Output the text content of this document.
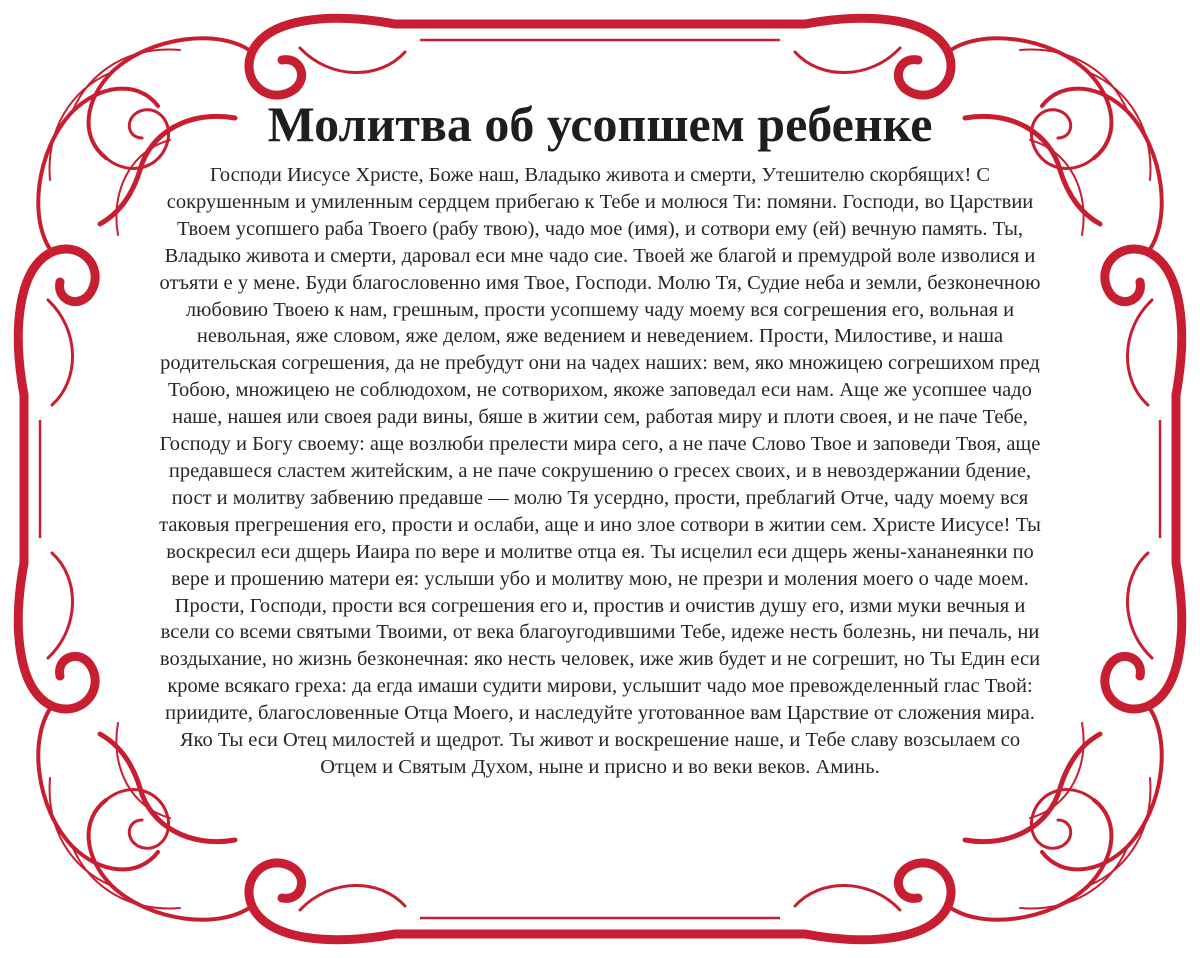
Молитва об усопшем ребенке

Господи Иисусе Христе, Боже наш, Владыко живота и смерти, Утешителю скорбящих! С сокрушенным и умиленным сердцем прибегаю к Тебе и молюся Ти: помяни. Господи, во Царствии Твоем усопшего раба Твоего (рабу твою), чадо мое (имя), и сотвори ему (ей) вечную память. Ты, Владыко живота и смерти, даровал еси мне чадо сие. Твоей же благой и премудрой воле изволися и отъяти е у мене. Буди благословенно имя Твое, Господи. Молю Тя, Судие неба и земли, безконечною любовию Твоею к нам, грешным, прости усопшему чаду моему вся согрешения его, вольная и невольная, яже словом, яже делом, яже ведением и неведением. Прости, Милостиве, и наша родительская согрешения, да не пребудут они на чадех наших: вем, яко множицею согрешихом пред Тобою, множицею не соблюдохом, не сотворихом, якоже заповедал еси нам. Аще же усопшее чадо наше, нашея или своея ради вины, бяше в житии сем, работая миру и плоти своея, и не паче Тебе, Господу и Богу своему: аще возлюби прелести мира сего, а не паче Слово Твое и заповеди Твоя, аще предавшеся сластем житейским, а не паче сокрушению о гресех своих, и в невоздержании бдение, пост и молитву забвению предавше — молю Тя усердно, прости, преблагий Отче, чаду моему вся таковыя прегрешения его, прости и ослаби, аще и ино злое сотвори в житии сем. Христе Иисусе! Ты воскресил еси дщерь Иаира по вере и молитве отца ея. Ты исцелил еси дщерь жены-хананеянки по вере и прошению матери ея: услыши убо и молитву мою, не презри и моления моего о чаде моем. Прости, Господи, прости вся согрешения его и, простив и очистив душу его, изми муки вечныя и всели со всеми святыми Твоими, от века благоугодившими Тебе, идеже несть болезнь, ни печаль, ни воздыхание, но жизнь безконечная: яко несть человек, иже жив будет и не согрешит, но Ты Един еси кроме всякаго греха: да егда имаши судити мирови, услышит чадо мое превожделенный глас Твой: приидите, благословенные Отца Моего, и наследуйте уготованное вам Царствие от сложения мира. Яко Ты еси Отец милостей и щедрот. Ты живот и воскрешение наше, и Тебе славу возсылаем со Отцем и Святым Духом, ныне и присно и во веки веков. Аминь.
